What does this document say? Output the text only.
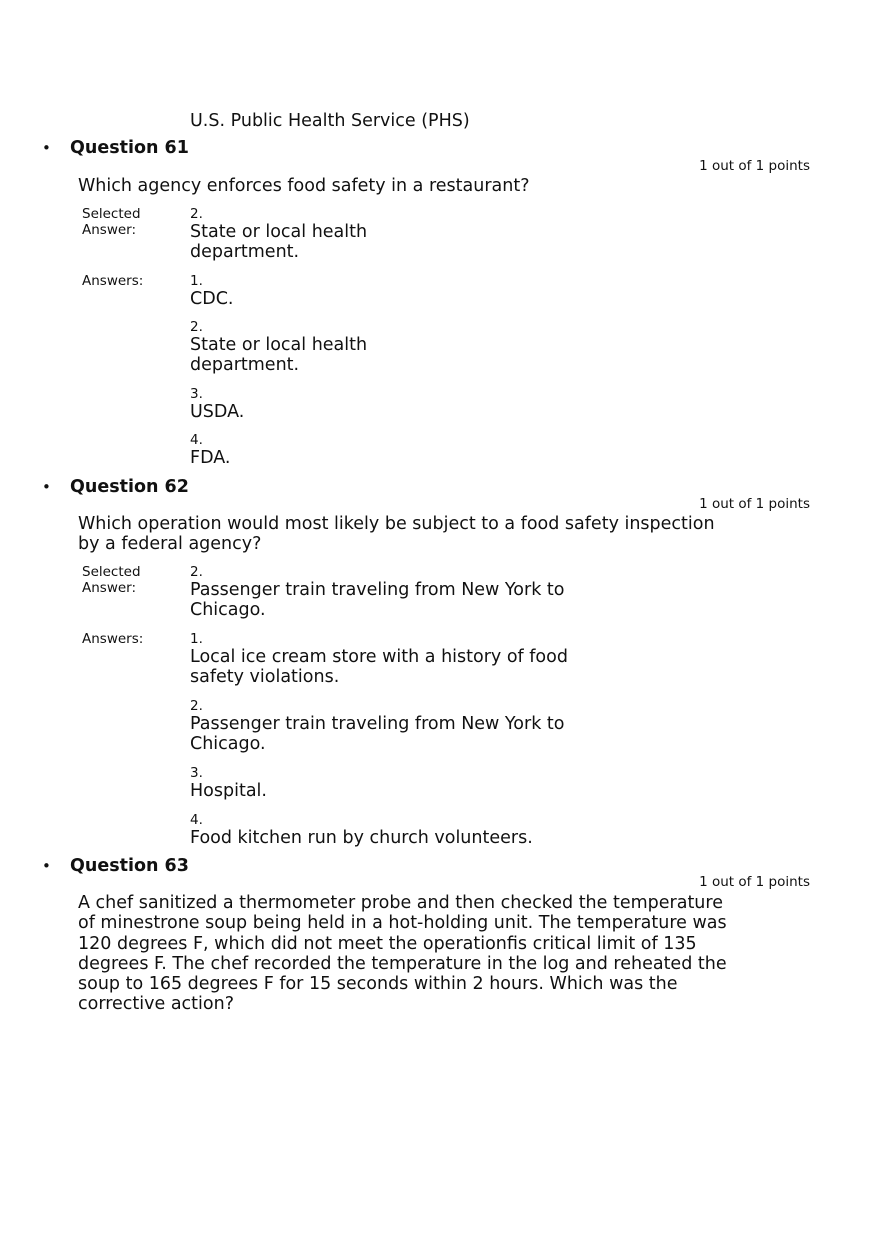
U.S. Public Health Service (PHS)
• Question 61
1 out of 1 points
Which agency enforces food safety in a restaurant?
Selected Answer:
2.
State or local health department.
Answers:	1.
CDC.
2.
State or local health department.
3.
USDA.
4.
FDA.
• Question 62
1 out of 1 points
Which operation would most likely be subject to a food safety inspection by a federal agency?
Selected Answer:
2.
Passenger train traveling from New York to Chicago.
Answers:	1.
Local ice cream store with a history of food safety violations.
2.
Passenger train traveling from New York to Chicago.
3.
Hospital.
4.
Food kitchen run by church volunteers.
• Question 63
1 out of 1 points
A chef sanitized a thermometer probe and then checked the temperature of minestrone soup being held in a hot-holding unit. The temperature was 120 degrees F, which did not meet the operationfis critical limit of 135 degrees F. The chef recorded the temperature in the log and reheated the soup to 165 degrees F for 15 seconds within 2 hours. Which was the corrective action?
